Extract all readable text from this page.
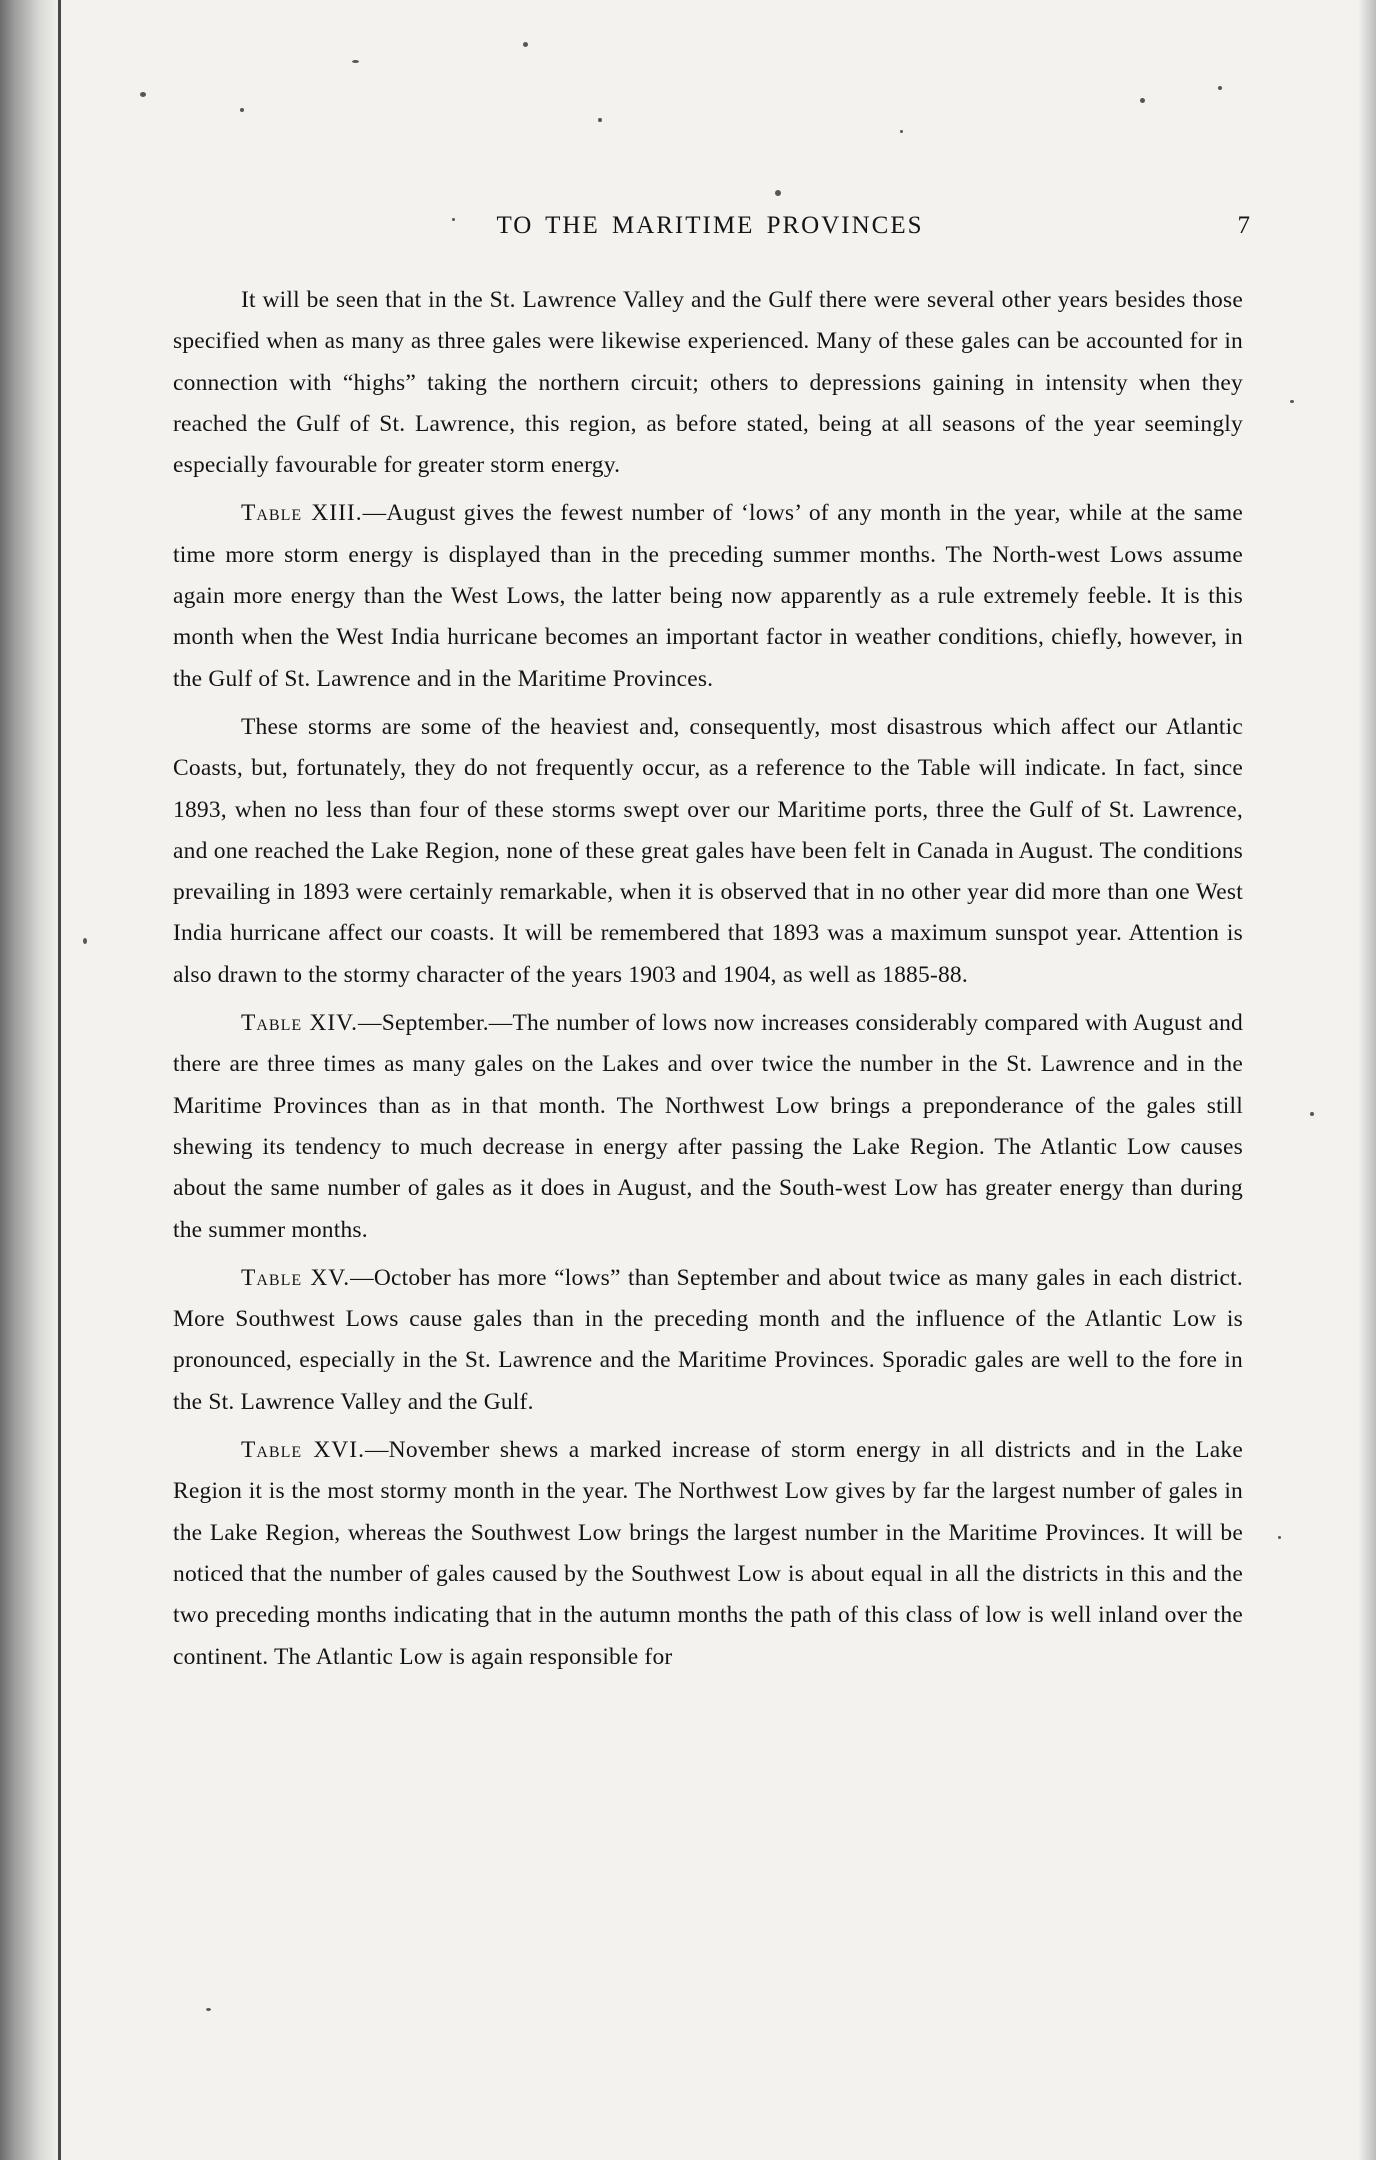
TO THE MARITIME PROVINCES	7

It will be seen that in the St. Lawrence Valley and the Gulf there were several other years besides those specified when as many as three gales were likewise experienced. Many of these gales can be accounted for in connection with “highs” taking the northern circuit; others to depressions gaining in intensity when they reached the Gulf of St. Lawrence, this region, as before stated, being at all seasons of the year seemingly especially favourable for greater storm energy.

Table XIII.—August gives the fewest number of ‘lows’ of any month in the year, while at the same time more storm energy is displayed than in the preceding summer months. The North-west Lows assume again more energy than the West Lows, the latter being now apparently as a rule extremely feeble. It is this month when the West India hurricane becomes an important factor in weather conditions, chiefly, however, in the Gulf of St. Lawrence and in the Maritime Provinces.

These storms are some of the heaviest and, consequently, most disastrous which affect our Atlantic Coasts, but, fortunately, they do not frequently occur, as a reference to the Table will indicate. In fact, since 1893, when no less than four of these storms swept over our Maritime ports, three the Gulf of St. Lawrence, and one reached the Lake Region, none of these great gales have been felt in Canada in August. The conditions prevailing in 1893 were certainly remarkable, when it is observed that in no other year did more than one West India hurricane affect our coasts. It will be remembered that 1893 was a maximum sunspot year. Attention is also drawn to the stormy character of the years 1903 and 1904, as well as 1885-88.

Table XIV.—September.—The number of lows now increases considerably compared with August and there are three times as many gales on the Lakes and over twice the number in the St. Lawrence and in the Maritime Provinces than as in that month. The Northwest Low brings a preponderance of the gales still shewing its tendency to much decrease in energy after passing the Lake Region. The Atlantic Low causes about the same number of gales as it does in August, and the South-west Low has greater energy than during the summer months.

Table XV.—October has more “lows” than September and about twice as many gales in each district. More Southwest Lows cause gales than in the preceding month and the influence of the Atlantic Low is pronounced, especially in the St. Lawrence and the Maritime Provinces. Sporadic gales are well to the fore in the St. Lawrence Valley and the Gulf.

Table XVI.—November shews a marked increase of storm energy in all districts and in the Lake Region it is the most stormy month in the year. The Northwest Low gives by far the largest number of gales in the Lake Region, whereas the Southwest Low brings the largest number in the Maritime Provinces. It will be noticed that the number of gales caused by the Southwest Low is about equal in all the districts in this and the two preceding months indicating that in the autumn months the path of this class of low is well inland over the continent. The Atlantic Low is again responsible for
